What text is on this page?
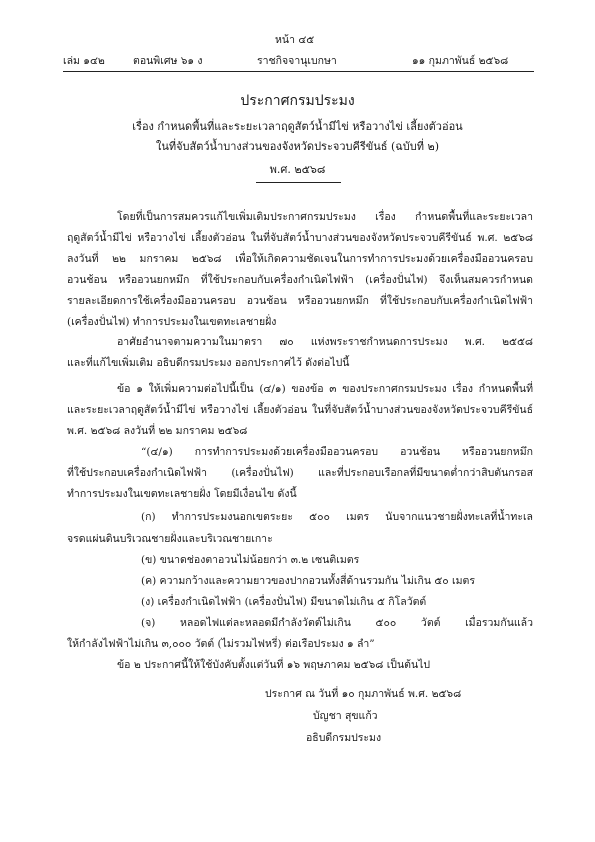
หน้า ๔๕
เล่ม ๑๔๒	ตอนพิเศษ ๖๑ ง	ราชกิจจานุเบกษา	๑๑ กุมภาพันธ์ ๒๕๖๘
ประกาศกรมประมง
เรื่อง กำหนดพื้นที่และระยะเวลาฤดูสัตว์น้ำมีไข่ หรือวางไข่ เลี้ยงตัวอ่อน
ในที่จับสัตว์น้ำบางส่วนของจังหวัดประจวบคีรีขันธ์ (ฉบับที่ ๒)
พ.ศ. ๒๕๖๘
โดยที่เป็นการสมควรแก้ไขเพิ่มเติมประกาศกรมประมง เรื่อง กำหนดพื้นที่และระยะเวลา
ฤดูสัตว์น้ำมีไข่ หรือวางไข่ เลี้ยงตัวอ่อน ในที่จับสัตว์น้ำบางส่วนของจังหวัดประจวบคีรีขันธ์ พ.ศ. ๒๕๖๘
ลงวันที่ ๒๒ มกราคม ๒๕๖๘ เพื่อให้เกิดความชัดเจนในการทำการประมงด้วยเครื่องมืออวนครอบ
อวนช้อน หรืออวนยกหมึก ที่ใช้ประกอบกับเครื่องกำเนิดไฟฟ้า (เครื่องปั่นไฟ) จึงเห็นสมควรกำหนด
รายละเอียดการใช้เครื่องมืออวนครอบ อวนช้อน หรืออวนยกหมึก ที่ใช้ประกอบกับเครื่องกำเนิดไฟฟ้า
(เครื่องปั่นไฟ) ทำการประมงในเขตทะเลชายฝั่ง
อาศัยอำนาจตามความในมาตรา ๗๐ แห่งพระราชกำหนดการประมง พ.ศ. ๒๕๕๘
และที่แก้ไขเพิ่มเติม อธิบดีกรมประมง ออกประกาศไว้ ดังต่อไปนี้
ข้อ ๑ ให้เพิ่มความต่อไปนี้เป็น (๔/๑) ของข้อ ๓ ของประกาศกรมประมง เรื่อง กำหนดพื้นที่
และระยะเวลาฤดูสัตว์น้ำมีไข่ หรือวางไข่ เลี้ยงตัวอ่อน ในที่จับสัตว์น้ำบางส่วนของจังหวัดประจวบคีรีขันธ์
พ.ศ. ๒๕๖๘ ลงวันที่ ๒๒ มกราคม ๒๕๖๘
“(๔/๑) การทำการประมงด้วยเครื่องมืออวนครอบ อวนช้อน หรืออวนยกหมึก
ที่ใช้ประกอบเครื่องกำเนิดไฟฟ้า (เครื่องปั่นไฟ) และที่ประกอบเรือกลที่มีขนาดต่ำกว่าสิบตันกรอส
ทำการประมงในเขตทะเลชายฝั่ง โดยมีเงื่อนไข ดังนี้
(ก) ทำการประมงนอกเขตระยะ ๕๐๐ เมตร นับจากแนวชายฝั่งทะเลที่น้ำทะเล
จรดแผ่นดินบริเวณชายฝั่งและบริเวณชายเกาะ
(ข) ขนาดช่องตาอวนไม่น้อยกว่า ๓.๒ เซนติเมตร
(ค) ความกว้างและความยาวของปากอวนทั้งสี่ด้านรวมกัน ไม่เกิน ๕๐ เมตร
(ง) เครื่องกำเนิดไฟฟ้า (เครื่องปั่นไฟ) มีขนาดไม่เกิน ๕ กิโลวัตต์
(จ) หลอดไฟแต่ละหลอดมีกำลังวัตต์ไม่เกิน ๕๐๐ วัตต์ เมื่อรวมกันแล้ว
ให้กำลังไฟฟ้าไม่เกิน ๓,๐๐๐ วัตต์ (ไม่รวมไฟหรี่) ต่อเรือประมง ๑ ลำ”
ข้อ ๒ ประกาศนี้ให้ใช้บังคับตั้งแต่วันที่ ๑๖ พฤษภาคม ๒๕๖๘ เป็นต้นไป
ประกาศ ณ วันที่ ๑๐ กุมภาพันธ์ พ.ศ. ๒๕๖๘
บัญชา สุขแก้ว
อธิบดีกรมประมง
